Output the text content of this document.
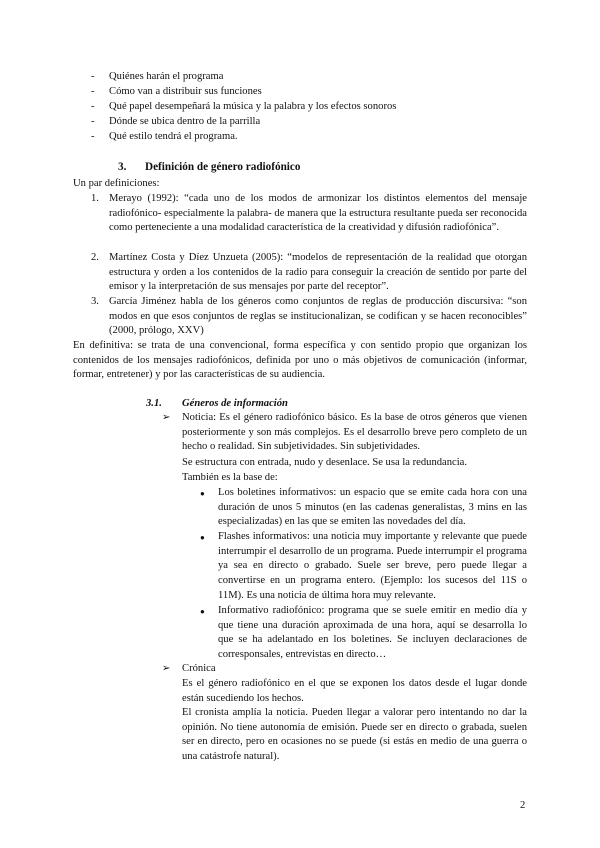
- Quiénes harán el programa
- Cómo van a distribuir sus funciones
- Qué papel desempeñará la música y la palabra y los efectos sonoros
- Dónde se ubica dentro de la parrilla
- Qué estilo tendrá el programa.
3. Definición de género radiofónico
Un par definiciones:
1. Merayo (1992): “cada uno de los modos de armonizar los distintos elementos del mensaje radiofónico- especialmente la palabra- de manera que la estructura resultante pueda ser reconocida como perteneciente a una modalidad característica de la creatividad y difusión radiofónica”.
2. Martínez Costa y Díez Unzueta (2005): “modelos de representación de la realidad que otorgan estructura y orden a los contenidos de la radio para conseguir la creación de sentido por parte del emisor y la interpretación de sus mensajes por parte del receptor”.
3. García Jiménez habla de los géneros como conjuntos de reglas de producción discursiva: “son modos en que esos conjuntos de reglas se institucionalizan, se codifican y se hacen reconocibles” (2000, prólogo, XXV)
En definitiva: se trata de una convencional, forma específica y con sentido propio que organizan los contenidos de los mensajes radiofónicos, definida por uno o más objetivos de comunicación (informar, formar, entretener) y por las características de su audiencia.
3.1. Géneros de información
➢ Noticia: Es el género radiofónico básico. Es la base de otros géneros que vienen posteriormente y son más complejos. Es el desarrollo breve pero completo de un hecho o realidad. Sin subjetividades. Sin subjetividades.
Se estructura con entrada, nudo y desenlace. Se usa la redundancia.
También es la base de:
● Los boletines informativos: un espacio que se emite cada hora con una duración de unos 5 minutos (en las cadenas generalistas, 3 mins en las especializadas) en las que se emiten las novedades del día.
● Flashes informativos: una noticia muy importante y relevante que puede interrumpir el desarrollo de un programa. Puede interrumpir el programa ya sea en directo o grabado. Suele ser breve, pero puede llegar a convertirse en un programa entero. (Ejemplo: los sucesos del 11S o 11M). Es una noticia de última hora muy relevante.
● Informativo radiofónico: programa que se suele emitir en medio día y que tiene una duración aproximada de una hora, aquí se desarrolla lo que se ha adelantado en los boletines. Se incluyen declaraciones de corresponsales, entrevistas en directo…
➢ Crónica
Es el género radiofónico en el que se exponen los datos desde el lugar donde están sucediendo los hechos.
El cronista amplía la noticia. Pueden llegar a valorar pero intentando no dar la opinión. No tiene autonomía de emisión. Puede ser en directo o grabada, suelen ser en directo, pero en ocasiones no se puede (si estás en medio de una guerra o una catástrofe natural).
2
